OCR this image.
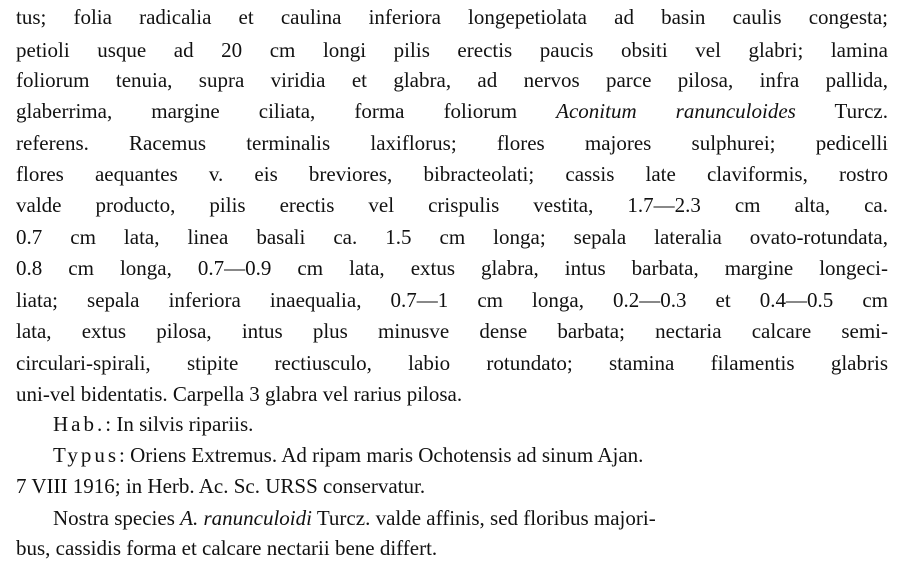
tus; folia radicalia et caulina inferiora longepetiolata ad basin caulis congesta;
petioli usque ad 20 cm longi pilis erectis paucis obsiti vel glabri; lamina
foliorum tenuia, supra viridia et glabra, ad nervos parce pilosa, infra pallida,
glaberrima, margine ciliata, forma foliorum Aconitum ranunculoides Turcz.
referens. Racemus terminalis laxiflorus; flores majores sulphurei; pedicelli
flores aequantes v. eis breviores, bibracteolati; cassis late claviformis, rostro
valde producto, pilis erectis vel crispulis vestita, 1.7—2.3 cm alta, ca.
0.7 cm lata, linea basali ca. 1.5 cm longa; sepala lateralia ovato-rotundata,
0.8 cm longa, 0.7—0.9 cm lata, extus glabra, intus barbata, margine longeci-
liata; sepala inferiora inaequalia, 0.7—1 cm longa, 0.2—0.3 et 0.4—0.5 cm
lata, extus pilosa, intus plus minusve dense barbata; nectaria calcare semi-
circulari-spirali, stipite rectiusculo, labio rotundato; stamina filamentis glabris
uni-vel bidentatis. Carpella 3 glabra vel rarius pilosa.
Hab.: In silvis ripariis.
Typus: Oriens Extremus. Ad ripam maris Ochotensis ad sinum Ajan.
7 VIII 1916; in Herb. Ac. Sc. URSS conservatur.
Nostra species A. ranunculoidi Turcz. valde affinis, sed floribus majori-
bus, cassidis forma et calcare nectarii bene differt.
